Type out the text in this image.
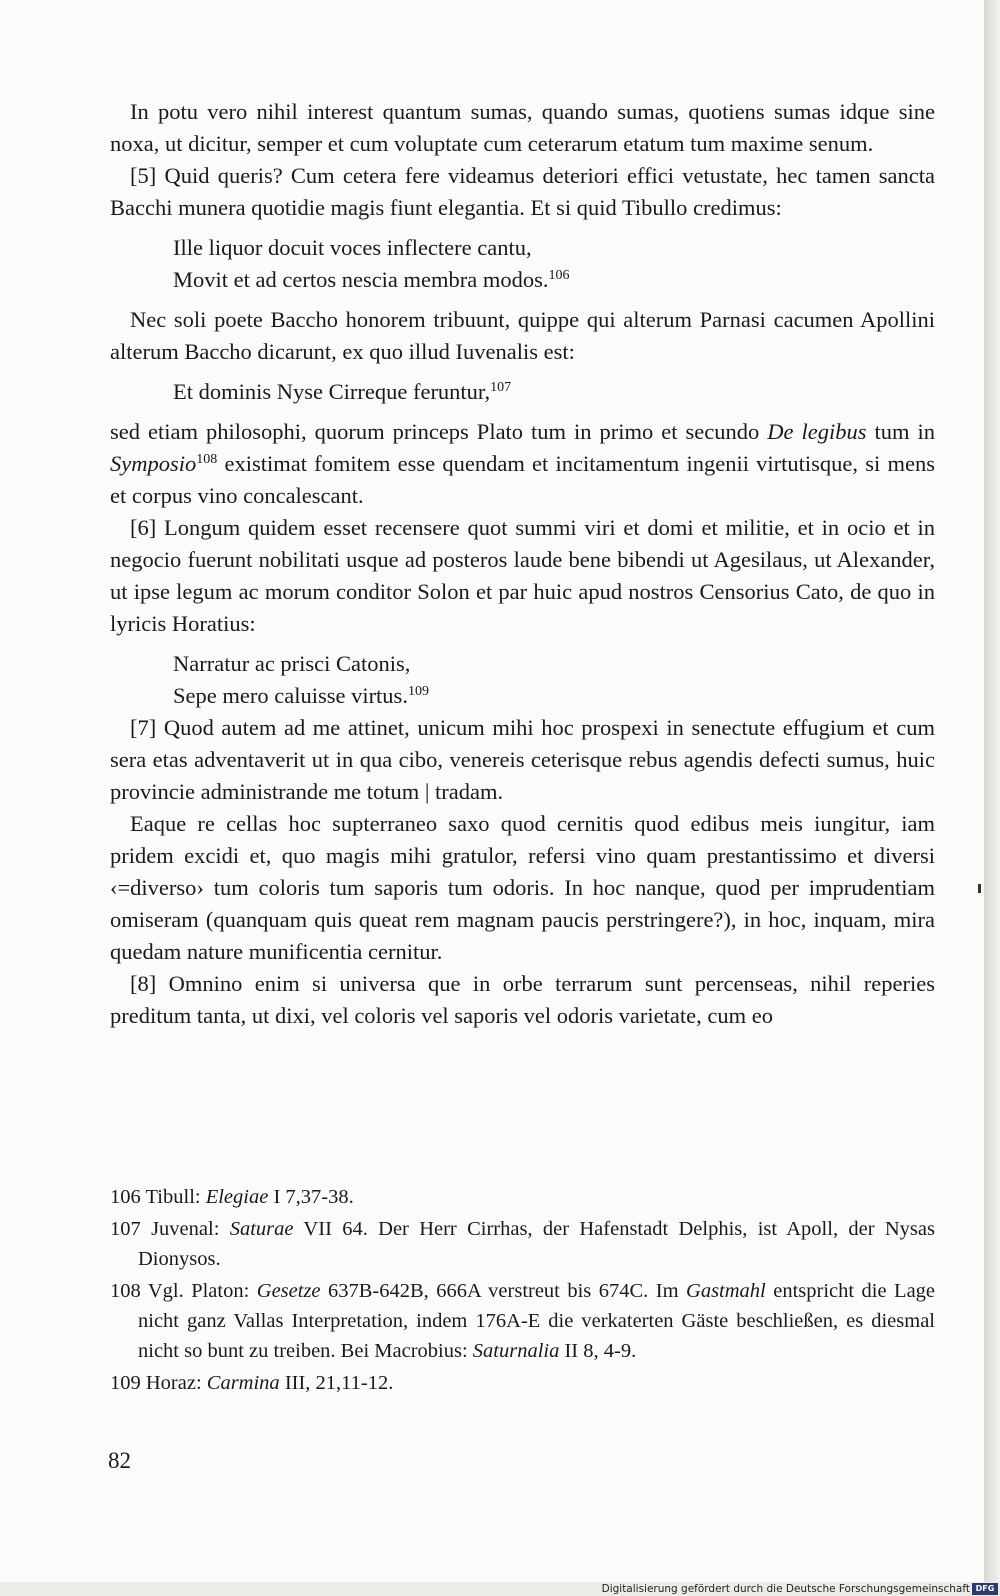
In potu vero nihil interest quantum sumas, quando sumas, quotiens sumas idque sine noxa, ut dicitur, semper et cum voluptate cum ceterarum etatum tum maxime senum.

[5] Quid queris? Cum cetera fere videamus deteriori effici vetustate, hec tamen sancta Bacchi munera quotidie magis fiunt elegantia. Et si quid Tibullo credimus:

Ille liquor docuit voces inflectere cantu,

Movit et ad certos nescia membra modos.$^{106}$

Nec soli poete Baccho honorem tribuunt, quippe qui alterum Parnasi cacumen Apollini alterum Baccho dicarunt, ex quo illud Iuvenalis est:

Et dominis Nyse Cirreque feruntur,$^{107}$

sed etiam philosophi, quorum princeps Plato tum in primo et secundo De legibus tum in Symposio$^{108}$ existimat fomitem esse quendam et incitamentum ingenii virtutisque, si mens et corpus vino concalescant.

[6] Longum quidem esset recensere quot summi viri et domi et militie, et in ocio et in negocio fuerunt nobilitati usque ad posteros laude bene bibendi ut Agesilaus, ut Alexander, ut ipse legum ac morum conditor Solon et par huic apud nostros Censorius Cato, de quo in lyricis Horatius:

Narratur ac prisci Catonis,

Sepe mero caluisse virtus.$^{109}$

[7] Quod autem ad me attinet, unicum mihi hoc prospexi in senectute effugium et cum sera etas adventaverit ut in qua cibo, venereis ceterisque rebus agendis defecti sumus, huic provincie administrande me totum | tradam.

Eaque re cellas hoc supterraneo saxo quod cernitis quod edibus meis iungitur, iam pridem excidi et, quo magis mihi gratulor, refersi vino quam prestantissimo et diversi ‹=diverso› tum coloris tum saporis tum odoris. In hoc nanque, quod per imprudentiam omiseram (quanquam quis queat rem magnam paucis perstringere?), in hoc, inquam, mira quedam nature munificentia cernitur.

[8] Omnino enim si universa que in orbe terrarum sunt percenseas, nihil reperies preditum tanta, ut dixi, vel coloris vel saporis vel odoris varietate, cum eo

106 Tibull: Elegiae I 7,37-38.

107 Juvenal: Saturae VII 64. Der Herr Cirrhas, der Hafenstadt Delphis, ist Apoll, der Nysas Dionysos.

108 Vgl. Platon: Gesetze 637B-642B, 666A verstreut bis 674C. Im Gastmahl entspricht die Lage nicht ganz Vallas Interpretation, indem 176A-E die verkaterten Gäste beschließen, es diesmal nicht so bunt zu treiben. Bei Macrobius: Saturnalia II 8, 4-9.

109 Horaz: Carmina III, 21,11-12.

82
Digitalisierung gefördert durch die Deutsche Forschungsgemeinschaft DFG
